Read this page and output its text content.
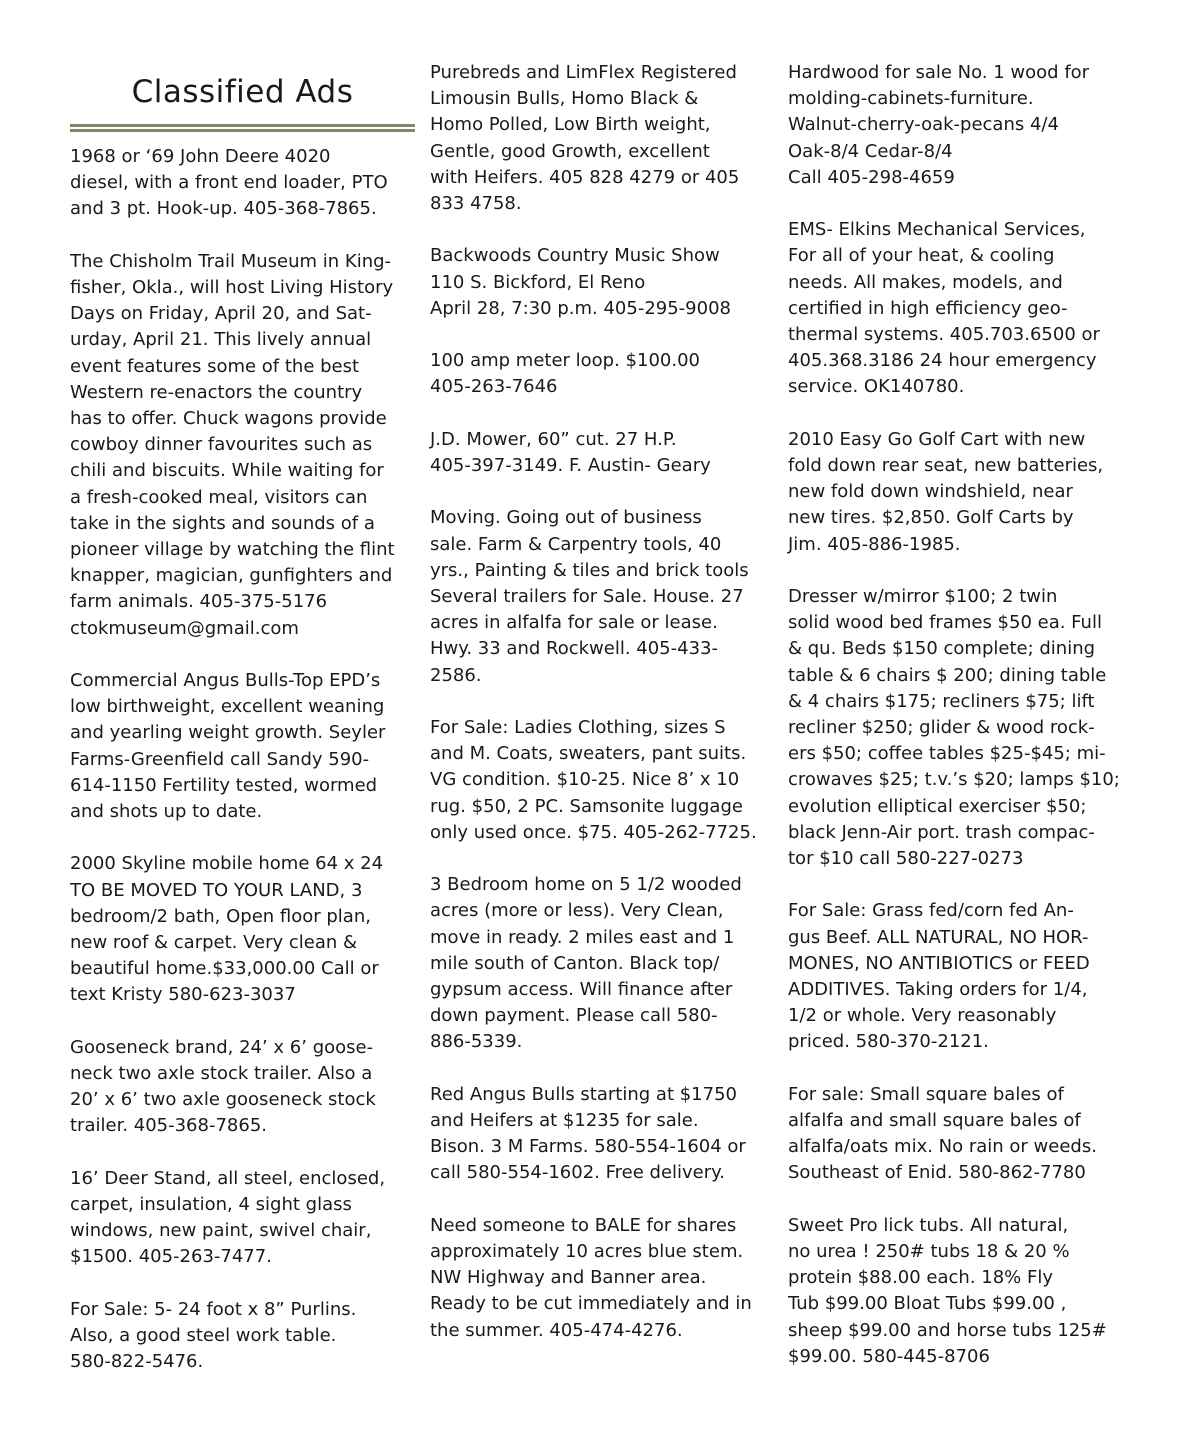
Classified Ads

1968 or ‘69 John Deere 4020
diesel, with a front end loader, PTO
and 3 pt. Hook-up. 405-368-7865.

The Chisholm Trail Museum in King-
fisher, Okla., will host Living History
Days on Friday, April 20, and Sat-
urday, April 21. This lively annual
event features some of the best
Western re-enactors the country
has to offer. Chuck wagons provide
cowboy dinner favourites such as
chili and biscuits. While waiting for
a fresh-cooked meal, visitors can
take in the sights and sounds of a
pioneer village by watching the flint
knapper, magician, gunfighters and
farm animals. 405-375-5176
ctokmuseum@gmail.com

Commercial Angus Bulls-Top EPD’s
low birthweight, excellent weaning
and yearling weight growth. Seyler
Farms-Greenfield call Sandy 590-
614-1150 Fertility tested, wormed
and shots up to date.

2000 Skyline mobile home 64 x 24
TO BE MOVED TO YOUR LAND, 3
bedroom/2 bath, Open floor plan,
new roof & carpet. Very clean &
beautiful home.$33,000.00 Call or
text Kristy 580-623-3037

Gooseneck brand, 24’ x 6’ goose-
neck two axle stock trailer. Also a
20’ x 6’ two axle gooseneck stock
trailer. 405-368-7865.

16’ Deer Stand, all steel, enclosed,
carpet, insulation, 4 sight glass
windows, new paint, swivel chair,
$1500. 405-263-7477.

For Sale: 5- 24 foot x 8” Purlins.
Also, a good steel work table.
580-822-5476.

Purebreds and LimFlex Registered
Limousin Bulls, Homo Black &
Homo Polled, Low Birth weight,
Gentle, good Growth, excellent
with Heifers. 405 828 4279 or 405
833 4758.

Backwoods Country Music Show
110 S. Bickford, El Reno
April 28, 7:30 p.m. 405-295-9008

100 amp meter loop. $100.00
405-263-7646

J.D. Mower, 60” cut. 27 H.P.
405-397-3149. F. Austin- Geary

Moving. Going out of business
sale. Farm & Carpentry tools, 40
yrs., Painting & tiles and brick tools
Several trailers for Sale. House. 27
acres in alfalfa for sale or lease.
Hwy. 33 and Rockwell. 405-433-
2586.

For Sale: Ladies Clothing, sizes S
and M. Coats, sweaters, pant suits.
VG condition. $10-25. Nice 8’ x 10
rug. $50, 2 PC. Samsonite luggage
only used once. $75. 405-262-7725.

3 Bedroom home on 5 1/2 wooded
acres (more or less). Very Clean,
move in ready. 2 miles east and 1
mile south of Canton. Black top/
gypsum access. Will finance after
down payment. Please call 580-
886-5339.

Red Angus Bulls starting at $1750
and Heifers at $1235 for sale.
Bison. 3 M Farms. 580-554-1604 or
call 580-554-1602. Free delivery.

Need someone to BALE for shares
approximately 10 acres blue stem.
NW Highway and Banner area.
Ready to be cut immediately and in
the summer. 405-474-4276.

Hardwood for sale No. 1 wood for
molding-cabinets-furniture.
Walnut-cherry-oak-pecans 4/4
Oak-8/4 Cedar-8/4
Call 405-298-4659

EMS- Elkins Mechanical Services,
For all of your heat, & cooling
needs. All makes, models, and
certified in high efficiency geo-
thermal systems. 405.703.6500 or
405.368.3186 24 hour emergency
service. OK140780.

2010 Easy Go Golf Cart with new
fold down rear seat, new batteries,
new fold down windshield, near
new tires. $2,850. Golf Carts by
Jim. 405-886-1985.

Dresser w/mirror $100; 2 twin
solid wood bed frames $50 ea. Full
& qu. Beds $150 complete; dining
table & 6 chairs $ 200; dining table
& 4 chairs $175; recliners $75; lift
recliner $250; glider & wood rock-
ers $50; coffee tables $25-$45; mi-
crowaves $25; t.v.’s $20; lamps $10;
evolution elliptical exerciser $50;
black Jenn-Air port. trash compac-
tor $10 call 580-227-0273

For Sale: Grass fed/corn fed An-
gus Beef. ALL NATURAL, NO HOR-
MONES, NO ANTIBIOTICS or FEED
ADDITIVES. Taking orders for 1/4,
1/2 or whole. Very reasonably
priced. 580-370-2121.

For sale: Small square bales of
alfalfa and small square bales of
alfalfa/oats mix. No rain or weeds.
Southeast of Enid. 580-862-7780

Sweet Pro lick tubs. All natural,
no urea ! 250# tubs 18 & 20 %
protein $88.00 each. 18% Fly
Tub $99.00 Bloat Tubs $99.00 ,
sheep $99.00 and horse tubs 125#
$99.00. 580-445-8706
